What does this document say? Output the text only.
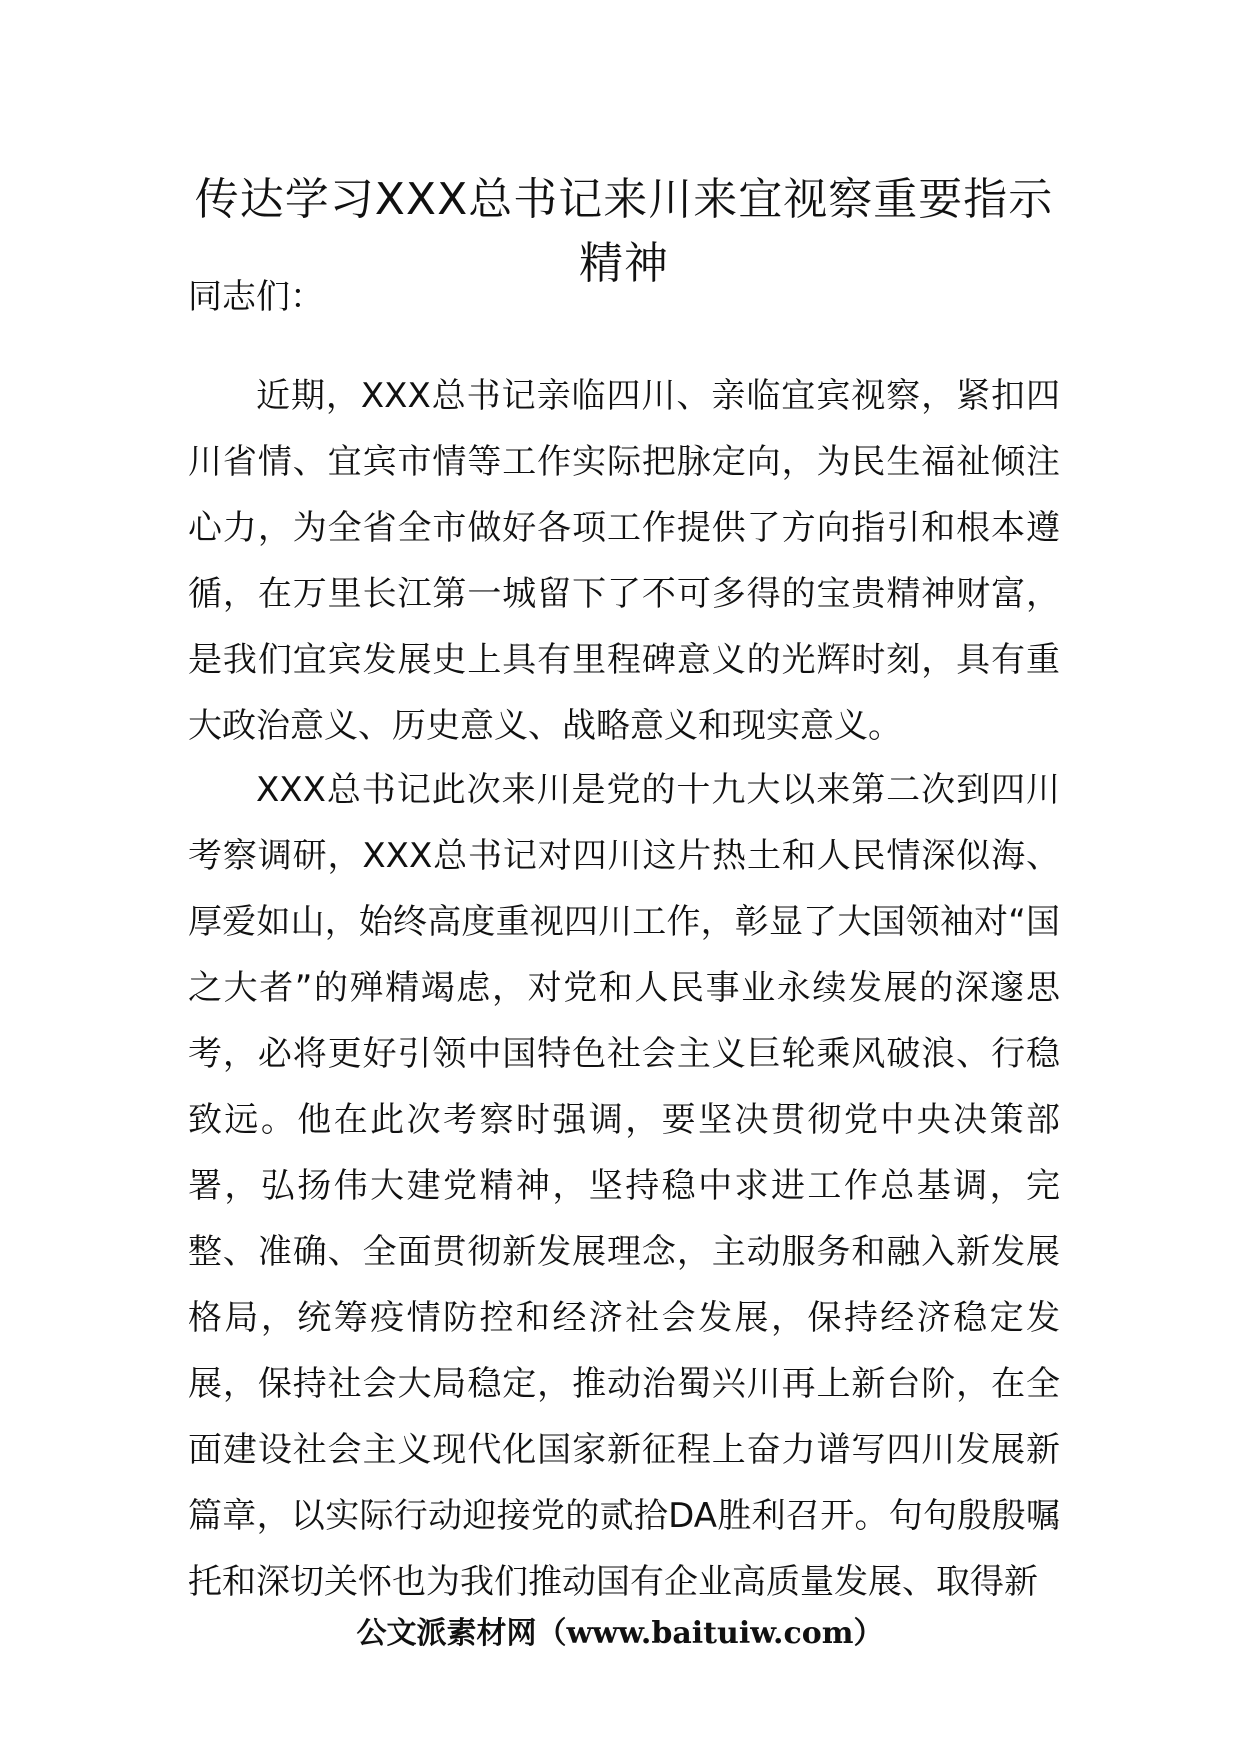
传达学习XXX总书记来川来宜视察重要指示精神
同志们：
近期，XXX总书记亲临四川、亲临宜宾视察，紧扣四川省情、宜宾市情等工作实际把脉定向，为民生福祉倾注心力，为全省全市做好各项工作提供了方向指引和根本遵循，在万里长江第一城留下了不可多得的宝贵精神财富，是我们宜宾发展史上具有里程碑意义的光辉时刻，具有重大政治意义、历史意义、战略意义和现实意义。
XXX总书记此次来川是党的十九大以来第二次到四川考察调研，XXX总书记对四川这片热土和人民情深似海、厚爱如山，始终高度重视四川工作，彰显了大国领袖对“国之大者”的殚精竭虑，对党和人民事业永续发展的深邃思考，必将更好引领中国特色社会主义巨轮乘风破浪、行稳致远。他在此次考察时强调，要坚决贯彻党中央决策部署，弘扬伟大建党精神，坚持稳中求进工作总基调，完整、准确、全面贯彻新发展理念，主动服务和融入新发展格局，统筹疫情防控和经济社会发展，保持经济稳定发展，保持社会大局稳定，推动治蜀兴川再上新台阶，在全面建设社会主义现代化国家新征程上奋力谱写四川发展新篇章，以实际行动迎接党的贰拾DA胜利召开。句句殷殷嘱托和深切关怀也为我们推动国有企业高质量发展、取得新
公文派素材网（www.baituiw.com）
